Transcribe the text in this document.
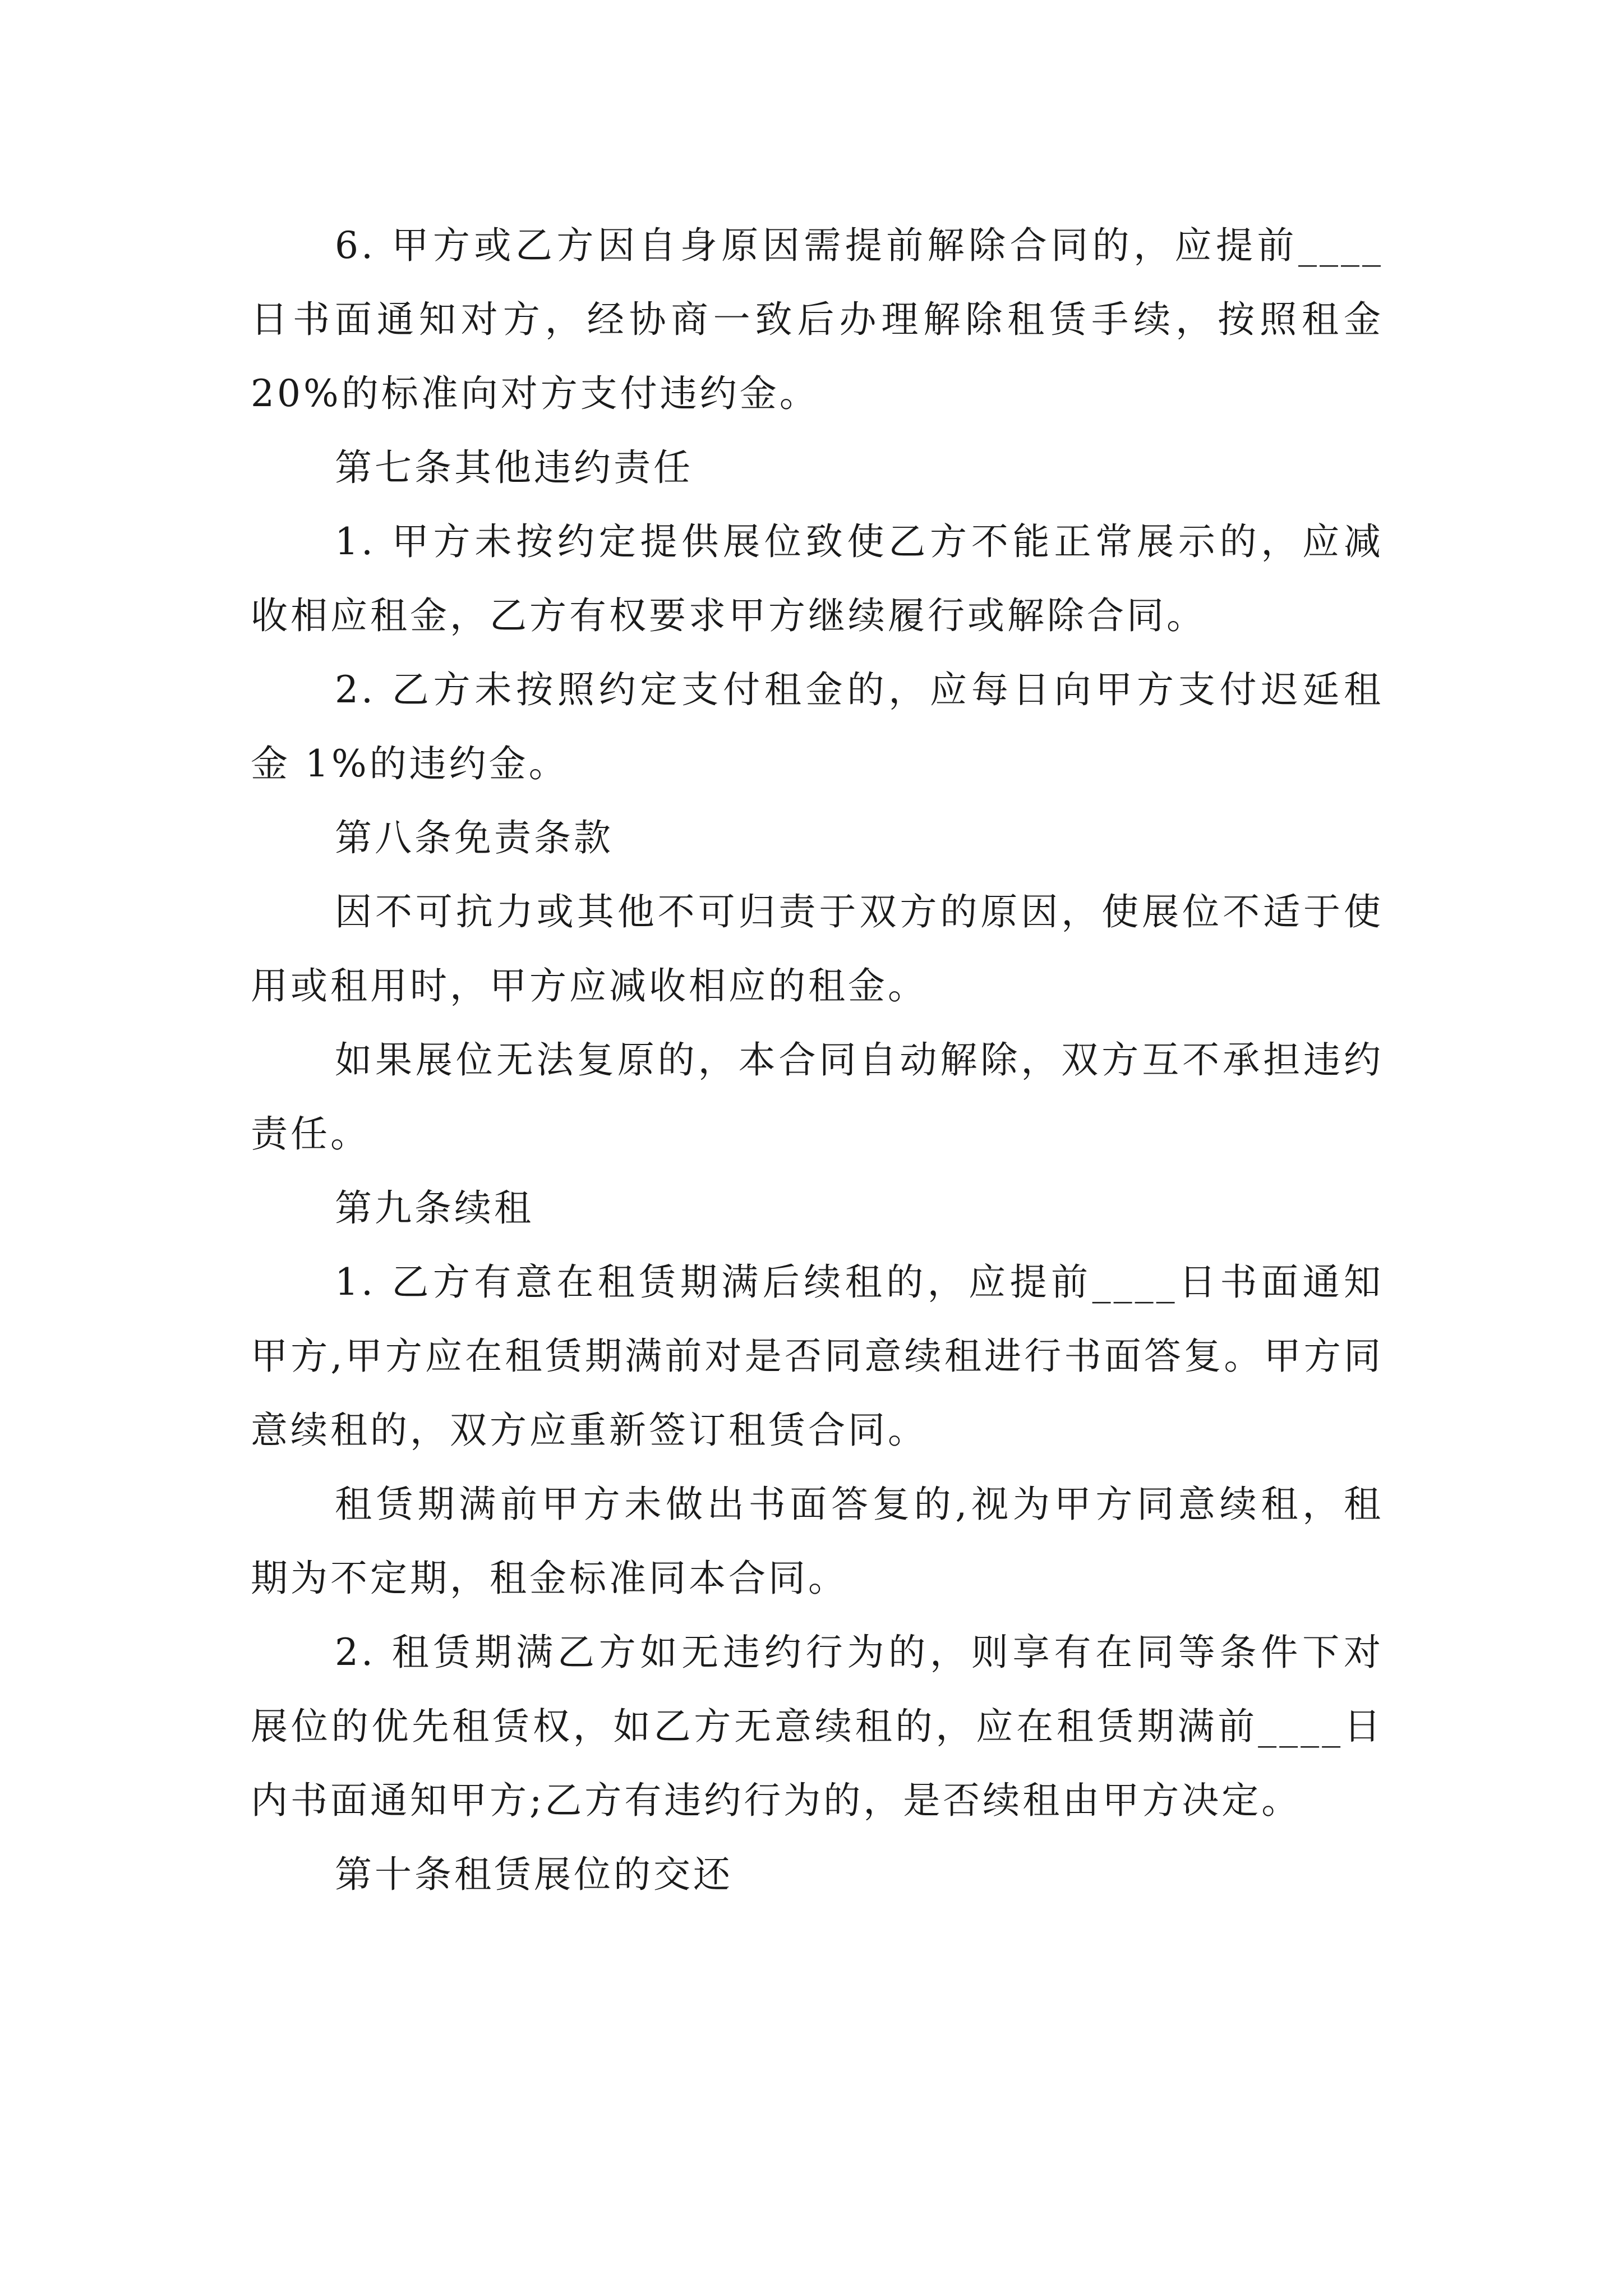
6. 甲方或乙方因自身原因需提前解除合同的，应提前____日书面通知对方，经协商一致后办理解除租赁手续，按照租金 20%的标准向对方支付违约金。

第七条其他违约责任

1. 甲方未按约定提供展位致使乙方不能正常展示的，应减收相应租金，乙方有权要求甲方继续履行或解除合同。

2. 乙方未按照约定支付租金的，应每日向甲方支付迟延租金 1%的违约金。

第八条免责条款

因不可抗力或其他不可归责于双方的原因，使展位不适于使用或租用时，甲方应减收相应的租金。

如果展位无法复原的，本合同自动解除，双方互不承担违约责任。

第九条续租

1. 乙方有意在租赁期满后续租的，应提前____日书面通知甲方,甲方应在租赁期满前对是否同意续租进行书面答复。甲方同意续租的，双方应重新签订租赁合同。

租赁期满前甲方未做出书面答复的,视为甲方同意续租，租期为不定期，租金标准同本合同。

2. 租赁期满乙方如无违约行为的，则享有在同等条件下对展位的优先租赁权，如乙方无意续租的，应在租赁期满前____日内书面通知甲方;乙方有违约行为的，是否续租由甲方决定。

第十条租赁展位的交还
